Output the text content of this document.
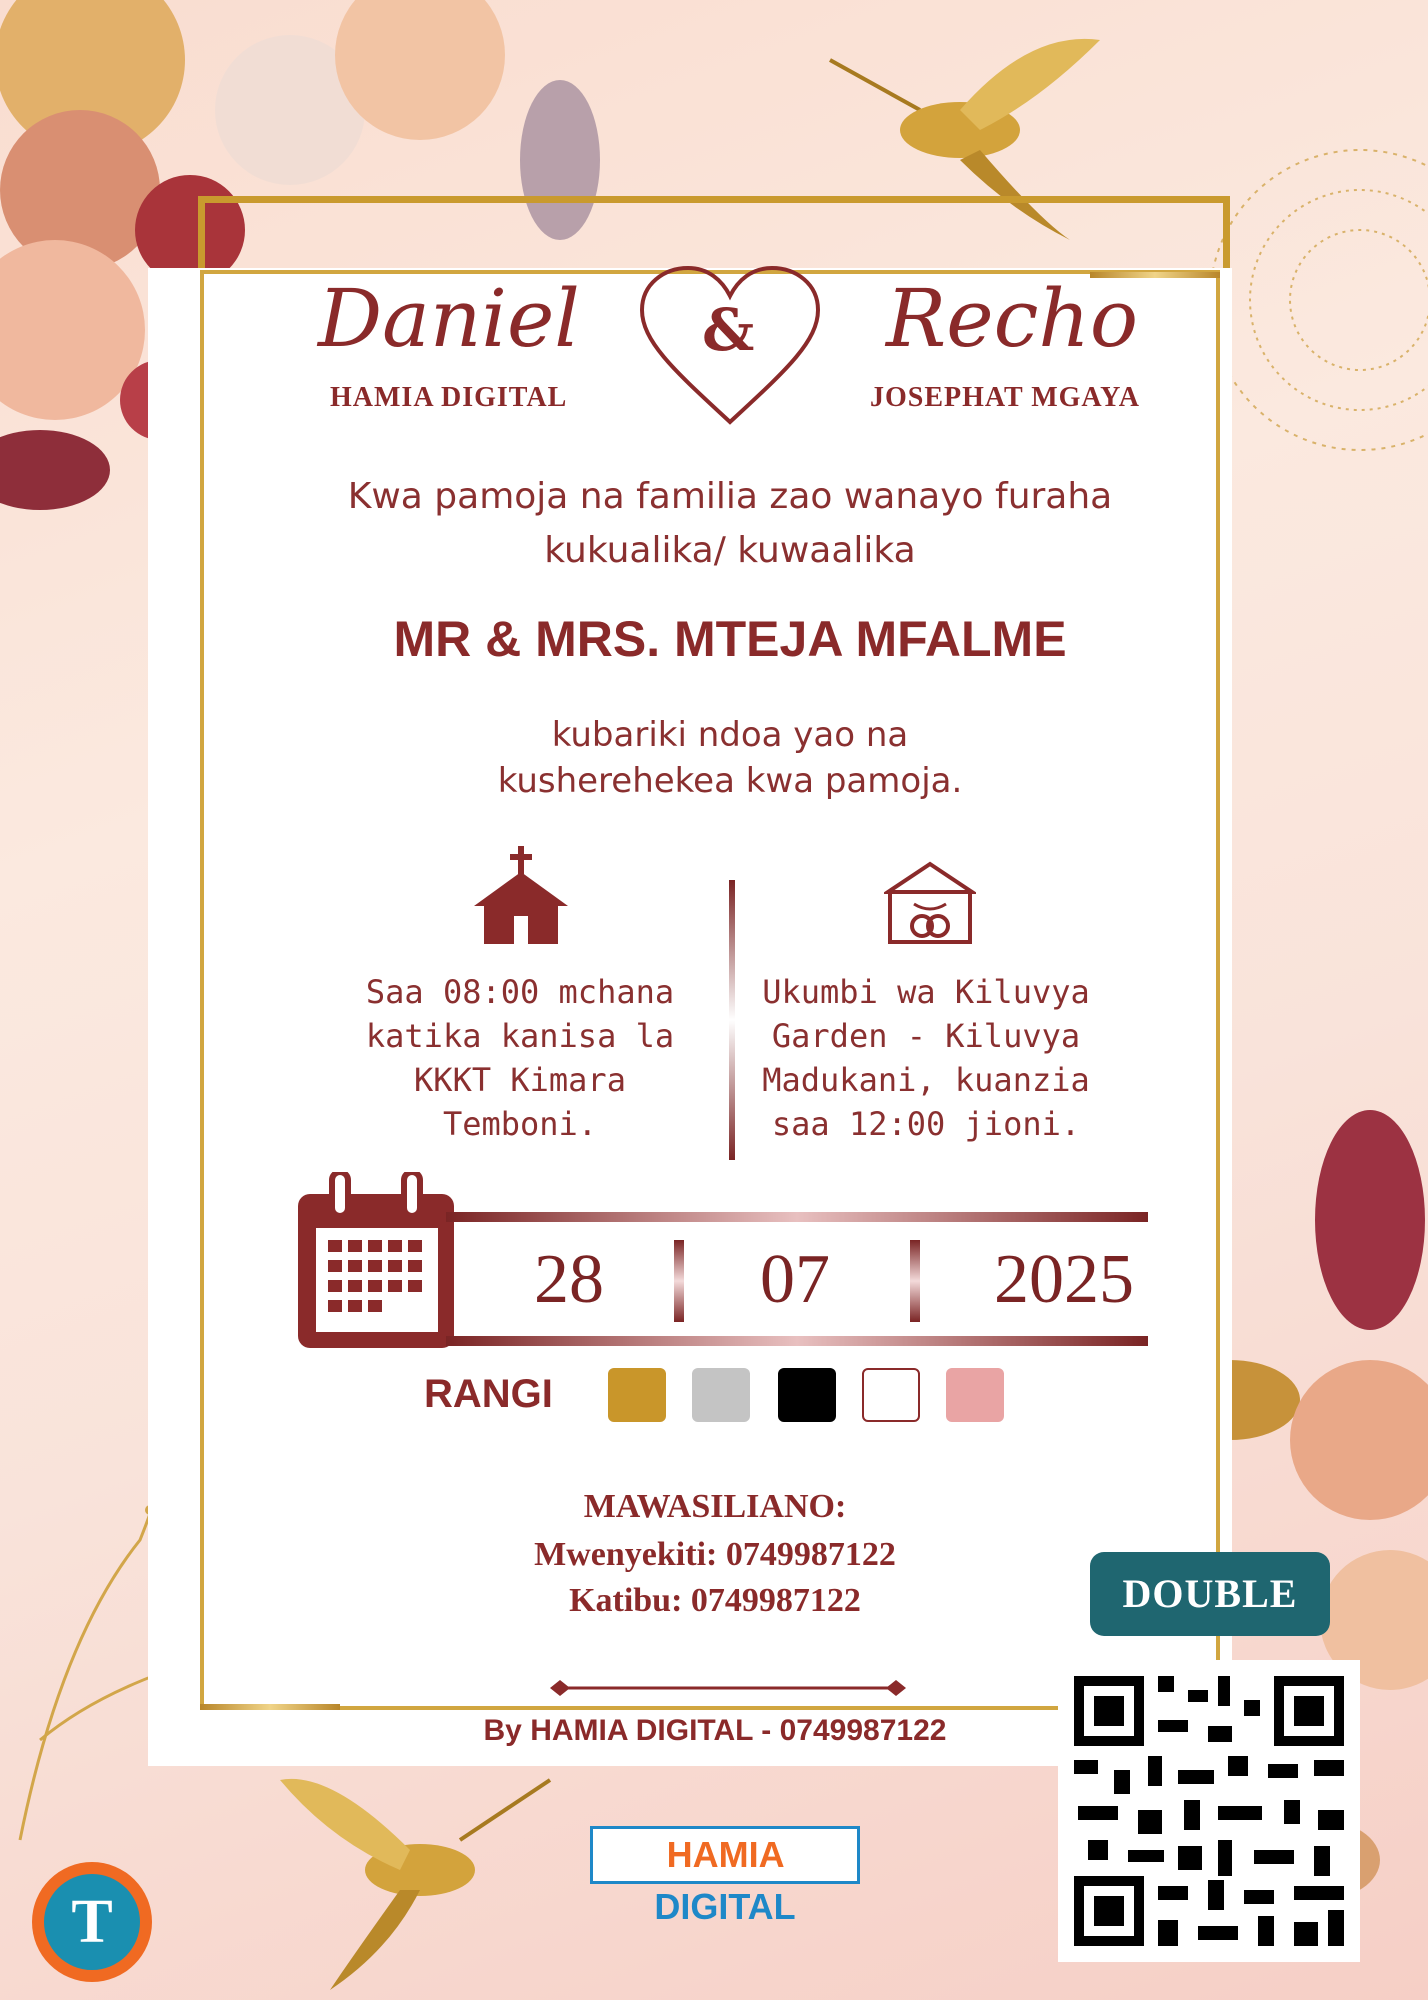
Daniel
HAMIA DIGITAL
& Recho
JOSEPHAT MGAYA
Kwa pamoja na familia zao wanayo furaha
kukualika/ kuwaalika
MR & MRS. MTEJA MFALME
kubariki ndoa yao na
kusherehekea kwa pamoja.
Saa 08:00 mchana
katika kanisa la
KKKT Kimara
Temboni.
Ukumbi wa Kiluvya
Garden - Kiluvya
Madukani, kuanzia
saa 12:00 jioni.
28 07 2025
RANGI
MAWASILIANO:
Mwenyekiti: 0749987122
Katibu: 0749987122
By HAMIA DIGITAL - 0749987122
HAMIA DIGITAL
DOUBLE
T
